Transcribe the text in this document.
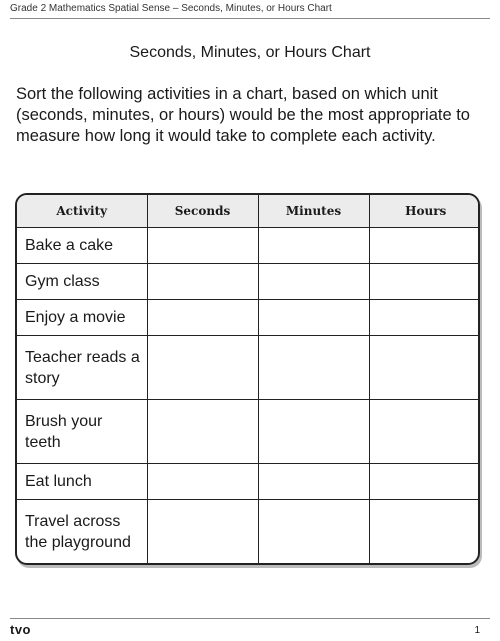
Grade 2 Mathematics Spatial Sense – Seconds, Minutes, or Hours Chart
Seconds, Minutes, or Hours Chart
Sort the following activities in a chart, based on which unit (seconds, minutes, or hours) would be the most appropriate to measure how long it would take to complete each activity.
Activity	Seconds	Minutes	Hours
Bake a cake			
Gym class			
Enjoy a movie			
Teacher reads a story			
Brush your teeth			
Eat lunch			
Travel across the playground			
tvo	1
